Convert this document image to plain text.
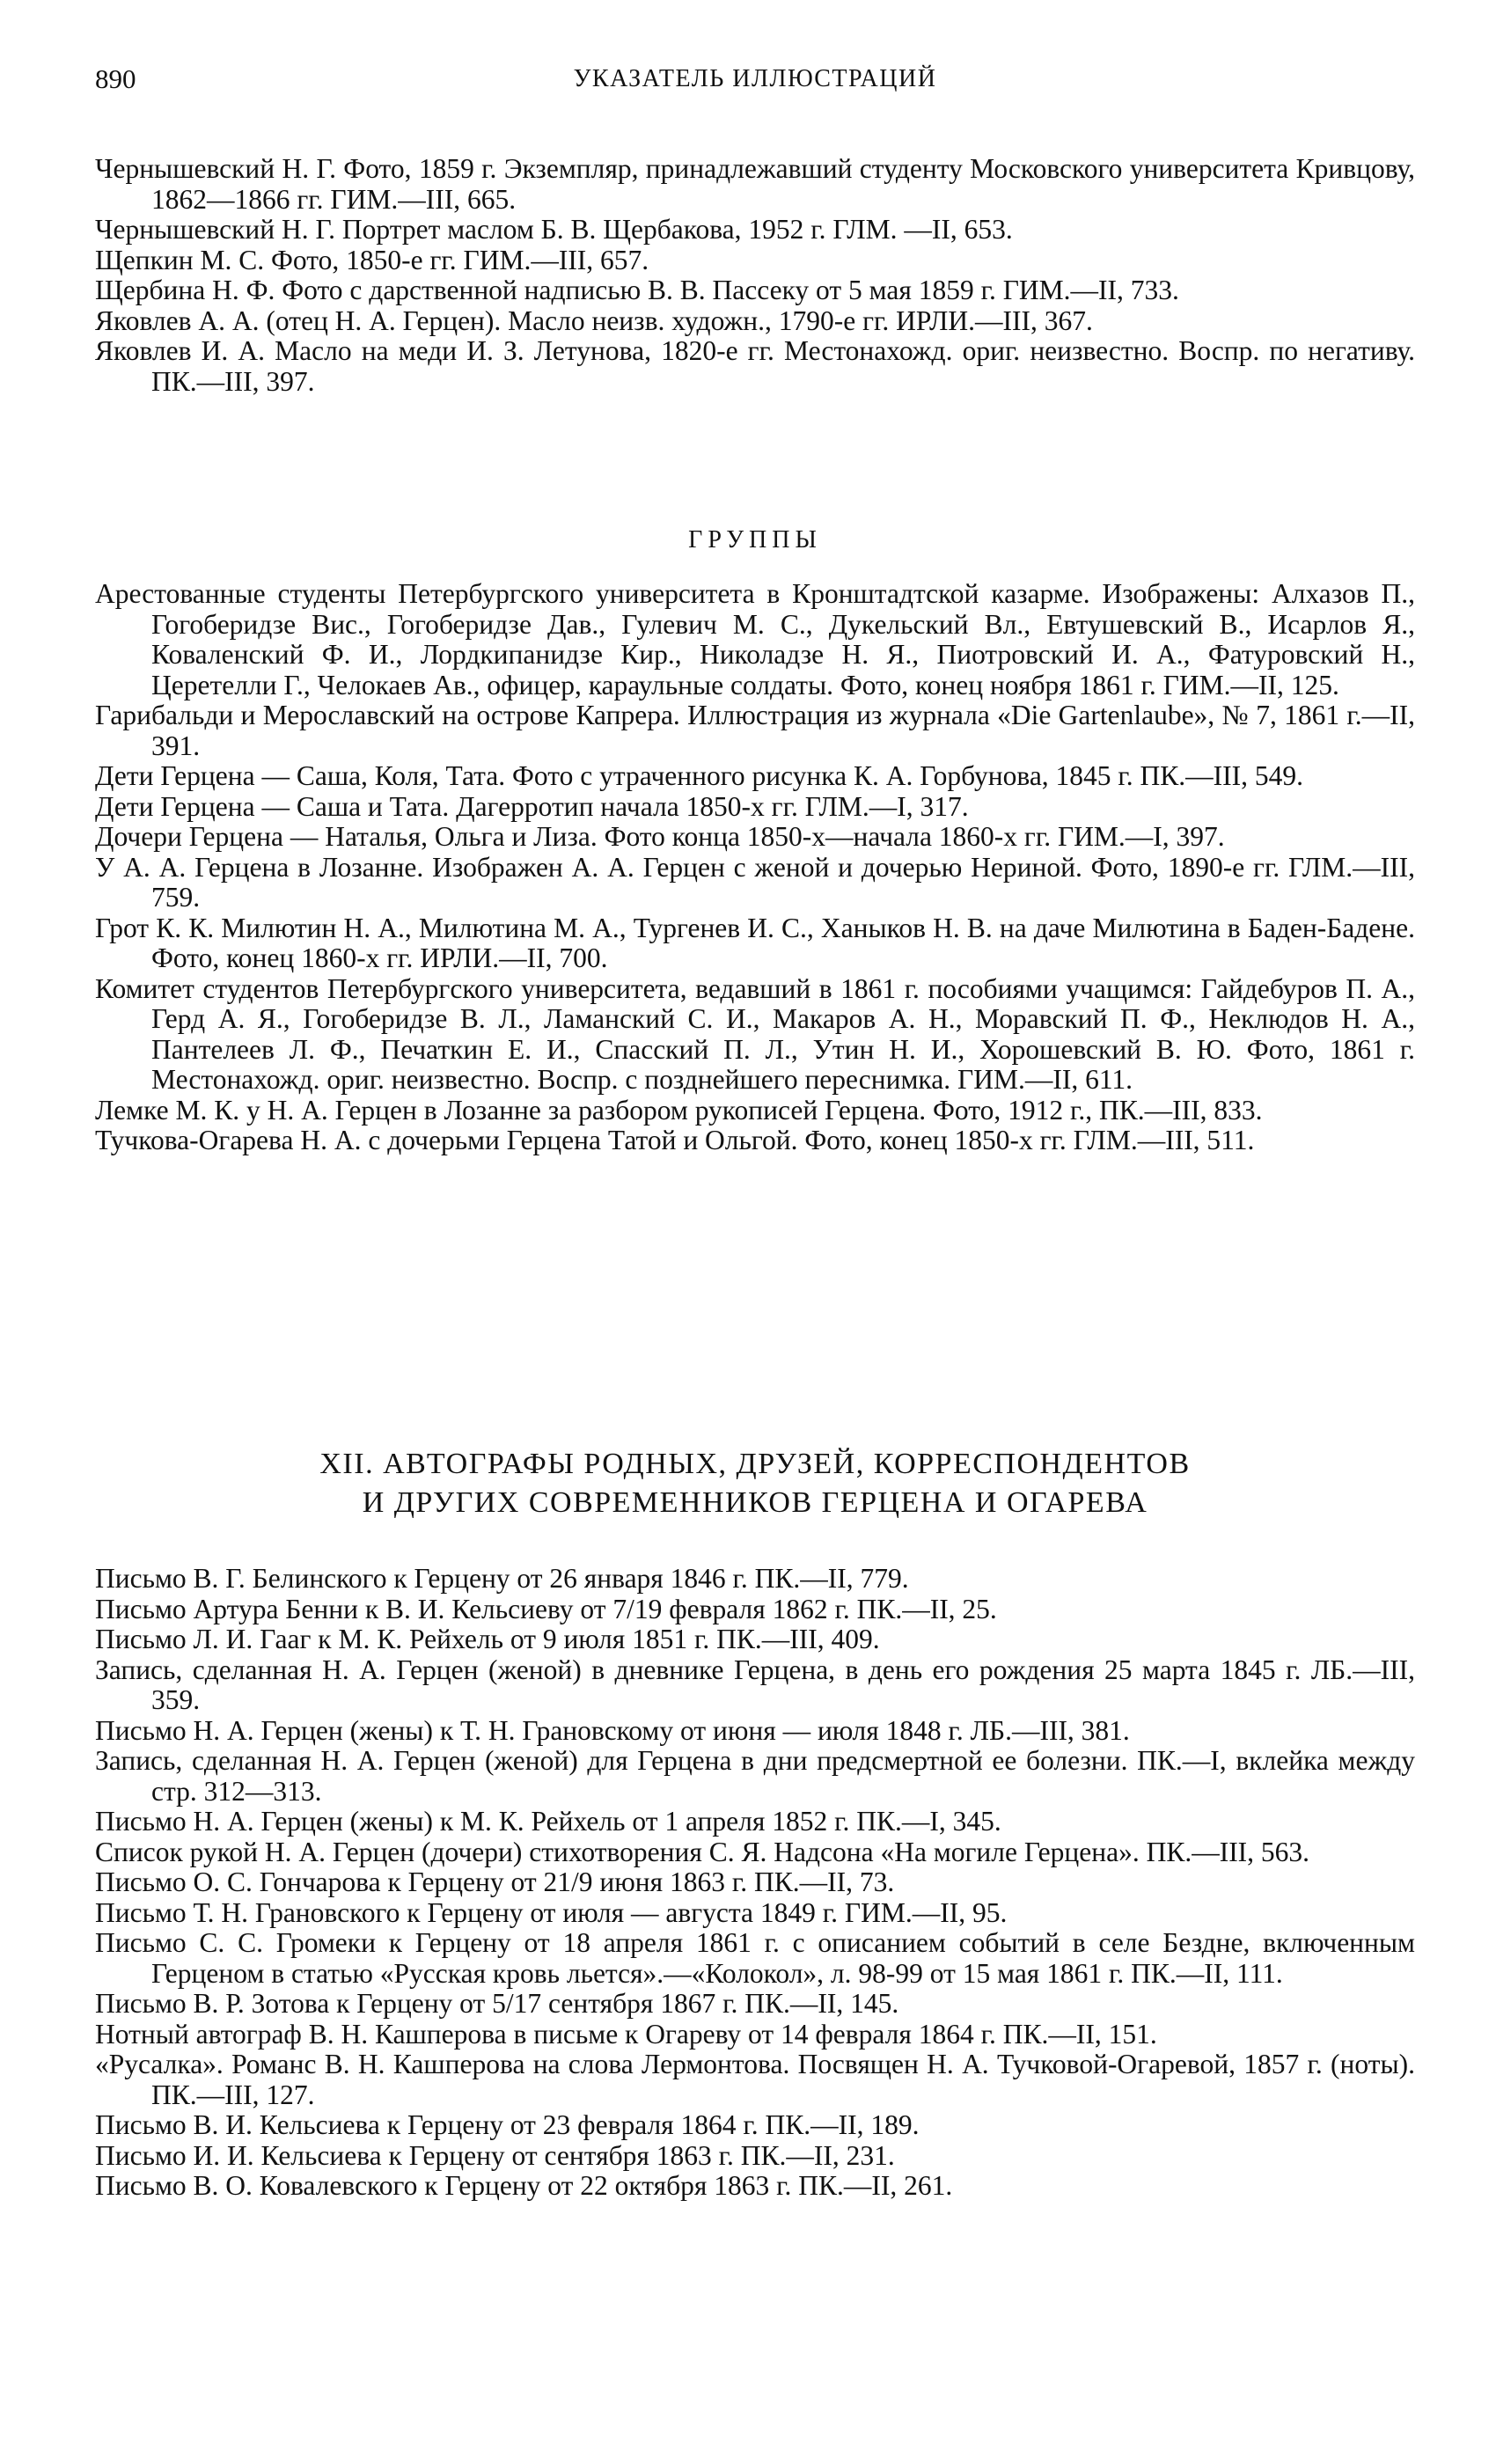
890	УКАЗАТЕЛЬ ИЛЛЮСТРАЦИЙ

Чернышевский Н. Г. Фото, 1859 г. Экземпляр, принадлежавший студенту Московского университета Кривцову, 1862—1866 гг. ГИМ.—III, 665.

Чернышевский Н. Г. Портрет маслом Б. В. Щербакова, 1952 г. ГЛМ. —II, 653.

Щепкин М. С. Фото, 1850-е гг. ГИМ.—III, 657.

Щербина Н. Ф. Фото с дарственной надписью В. В. Пассеку от 5 мая 1859 г. ГИМ.—II, 733.

Яковлев А. А. (отец Н. А. Герцен). Масло неизв. художн., 1790-е гг. ИРЛИ.—III, 367.

Яковлев И. А. Масло на меди И. З. Летунова, 1820-е гг. Местонахожд. ориг. неизвестно. Воспр. по негативу. ПК.—III, 397.

ГРУППЫ

Арестованные студенты Петербургского университета в Кронштадтской казарме. Изображены: Алхазов П., Гогоберидзе Вис., Гогоберидзе Дав., Гулевич М. С., Дукельский Вл., Евтушевский В., Исарлов Я., Коваленский Ф. И., Лордкипанидзе Кир., Николадзе Н. Я., Пиотровский И. А., Фатуровский Н., Церетелли Г., Челокаев Ав., офицер, караульные солдаты. Фото, конец ноября 1861 г. ГИМ.—II, 125.

Гарибальди и Мерославский на острове Капрера. Иллюстрация из журнала «Die Gartenlaube», № 7, 1861 г.—II, 391.

Дети Герцена — Саша, Коля, Тата. Фото с утраченного рисунка К. А. Горбунова, 1845 г. ПК.—III, 549.

Дети Герцена — Саша и Тата. Дагерротип начала 1850-х гг. ГЛМ.—I, 317.

Дочери Герцена — Наталья, Ольга и Лиза. Фото конца 1850-х—начала 1860-х гг. ГИМ.—I, 397.

У А. А. Герцена в Лозанне. Изображен А. А. Герцен с женой и дочерью Нериной. Фото, 1890-е гг. ГЛМ.—III, 759.

Грот К. К. Милютин Н. А., Милютина М. А., Тургенев И. С., Ханыков Н. В. на даче Милютина в Баден-Бадене. Фото, конец 1860-х гг. ИРЛИ.—II, 700.

Комитет студентов Петербургского университета, ведавший в 1861 г. пособиями учащимся: Гайдебуров П. А., Герд А. Я., Гогоберидзе В. Л., Ламанский С. И., Макаров А. Н., Моравский П. Ф., Неклюдов Н. А., Пантелеев Л. Ф., Печаткин Е. И., Спасский П. Л., Утин Н. И., Хорошевский В. Ю. Фото, 1861 г. Местонахожд. ориг. неизвестно. Воспр. с позднейшего переснимка. ГИМ.—II, 611.

Лемке М. К. у Н. А. Герцен в Лозанне за разбором рукописей Герцена. Фото, 1912 г., ПК.—III, 833.

Тучкова-Огарева Н. А. с дочерьми Герцена Татой и Ольгой. Фото, конец 1850-х гг. ГЛМ.—III, 511.

XII. АВТОГРАФЫ РОДНЫХ, ДРУЗЕЙ, КОРРЕСПОНДЕНТОВ
И ДРУГИХ СОВРЕМЕННИКОВ ГЕРЦЕНА И ОГАРЕВА

Письмо В. Г. Белинского к Герцену от 26 января 1846 г. ПК.—II, 779.

Письмо Артура Бенни к В. И. Кельсиеву от 7/19 февраля 1862 г. ПК.—II, 25.

Письмо Л. И. Гааг к М. К. Рейхель от 9 июля 1851 г. ПК.—III, 409.

Запись, сделанная Н. А. Герцен (женой) в дневнике Герцена, в день его рождения 25 марта 1845 г. ЛБ.—III, 359.

Письмо Н. А. Герцен (жены) к Т. Н. Грановскому от июня — июля 1848 г. ЛБ.—III, 381.

Запись, сделанная Н. А. Герцен (женой) для Герцена в дни предсмертной ее болезни. ПК.—I, вклейка между стр. 312—313.

Письмо Н. А. Герцен (жены) к М. К. Рейхель от 1 апреля 1852 г. ПК.—I, 345.

Список рукой Н. А. Герцен (дочери) стихотворения С. Я. Надсона «На могиле Герцена». ПК.—III, 563.

Письмо О. С. Гончарова к Герцену от 21/9 июня 1863 г. ПК.—II, 73.

Письмо Т. Н. Грановского к Герцену от июля — августа 1849 г. ГИМ.—II, 95.

Письмо С. С. Громеки к Герцену от 18 апреля 1861 г. с описанием событий в селе Бездне, включенным Герценом в статью «Русская кровь льется».—«Колокол», л. 98-99 от 15 мая 1861 г. ПК.—II, 111.

Письмо В. Р. Зотова к Герцену от 5/17 сентября 1867 г. ПК.—II, 145.

Нотный автограф В. Н. Кашперова в письме к Огареву от 14 февраля 1864 г. ПК.—II, 151.

«Русалка». Романс В. Н. Кашперова на слова Лермонтова. Посвящен Н. А. Тучковой-Огаревой, 1857 г. (ноты). ПК.—III, 127.

Письмо В. И. Кельсиева к Герцену от 23 февраля 1864 г. ПК.—II, 189.

Письмо И. И. Кельсиева к Герцену от сентября 1863 г. ПК.—II, 231.

Письмо В. О. Ковалевского к Герцену от 22 октября 1863 г. ПК.—II, 261.
